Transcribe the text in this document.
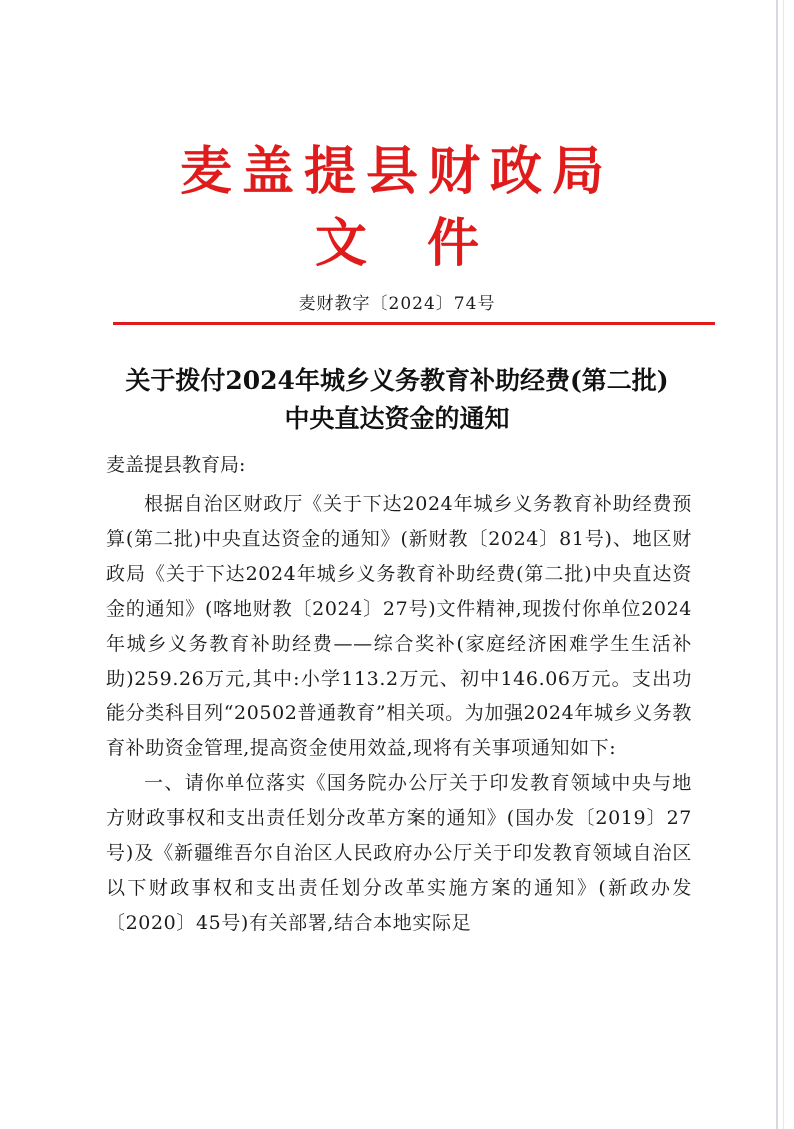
麦盖提县财政局
文件
麦财教字〔2024〕74号
关于拨付2024年城乡义务教育补助经费(第二批)
中央直达资金的通知
麦盖提县教育局:

根据自治区财政厅《关于下达2024年城乡义务教育补助经费预算(第二批)中央直达资金的通知》(新财教〔2024〕81号)、地区财政局《关于下达2024年城乡义务教育补助经费(第二批)中央直达资金的通知》(喀地财教〔2024〕27号)文件精神,现拨付你单位2024年城乡义务教育补助经费——综合奖补(家庭经济困难学生生活补助)259.26万元,其中:小学113.2万元、初中146.06万元。支出功能分类科目列“20502普通教育”相关项。为加强2024年城乡义务教育补助资金管理,提高资金使用效益,现将有关事项通知如下:

一、请你单位落实《国务院办公厅关于印发教育领域中央与地方财政事权和支出责任划分改革方案的通知》(国办发〔2019〕27号)及《新疆维吾尔自治区人民政府办公厅关于印发教育领域自治区以下财政事权和支出责任划分改革实施方案的通知》(新政办发〔2020〕45号)有关部署,结合本地实际足
